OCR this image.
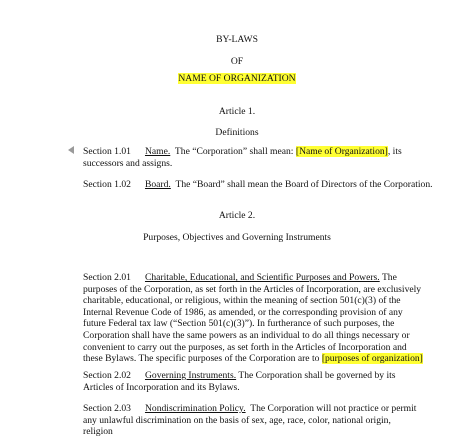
BY-LAWS
OF
NAME OF ORGANIZATION
Article 1.
Definitions
Section 1.01 Name. The “Corporation” shall mean: [Name of Organization], its successors and assigns.
Section 1.02 Board. The “Board” shall mean the Board of Directors of the Corporation.
Article 2.
Purposes, Objectives and Governing Instruments
Section 2.01 Charitable, Educational, and Scientific Purposes and Powers. The purposes of the Corporation, as set forth in the Articles of Incorporation, are exclusively charitable, educational, or religious, within the meaning of section 501(c)(3) of the Internal Revenue Code of 1986, as amended, or the corresponding provision of any future Federal tax law (“Section 501(c)(3)”). In furtherance of such purposes, the Corporation shall have the same powers as an individual to do all things necessary or convenient to carry out the purposes, as set forth in the Articles of Incorporation and these Bylaws. The specific purposes of the Corporation are to [purposes of organization]
Section 2.02 Governing Instruments. The Corporation shall be governed by its Articles of Incorporation and its Bylaws.
Section 2.03 Nondiscrimination Policy. The Corporation will not practice or permit any unlawful discrimination on the basis of sex, age, race, color, national origin, religion
